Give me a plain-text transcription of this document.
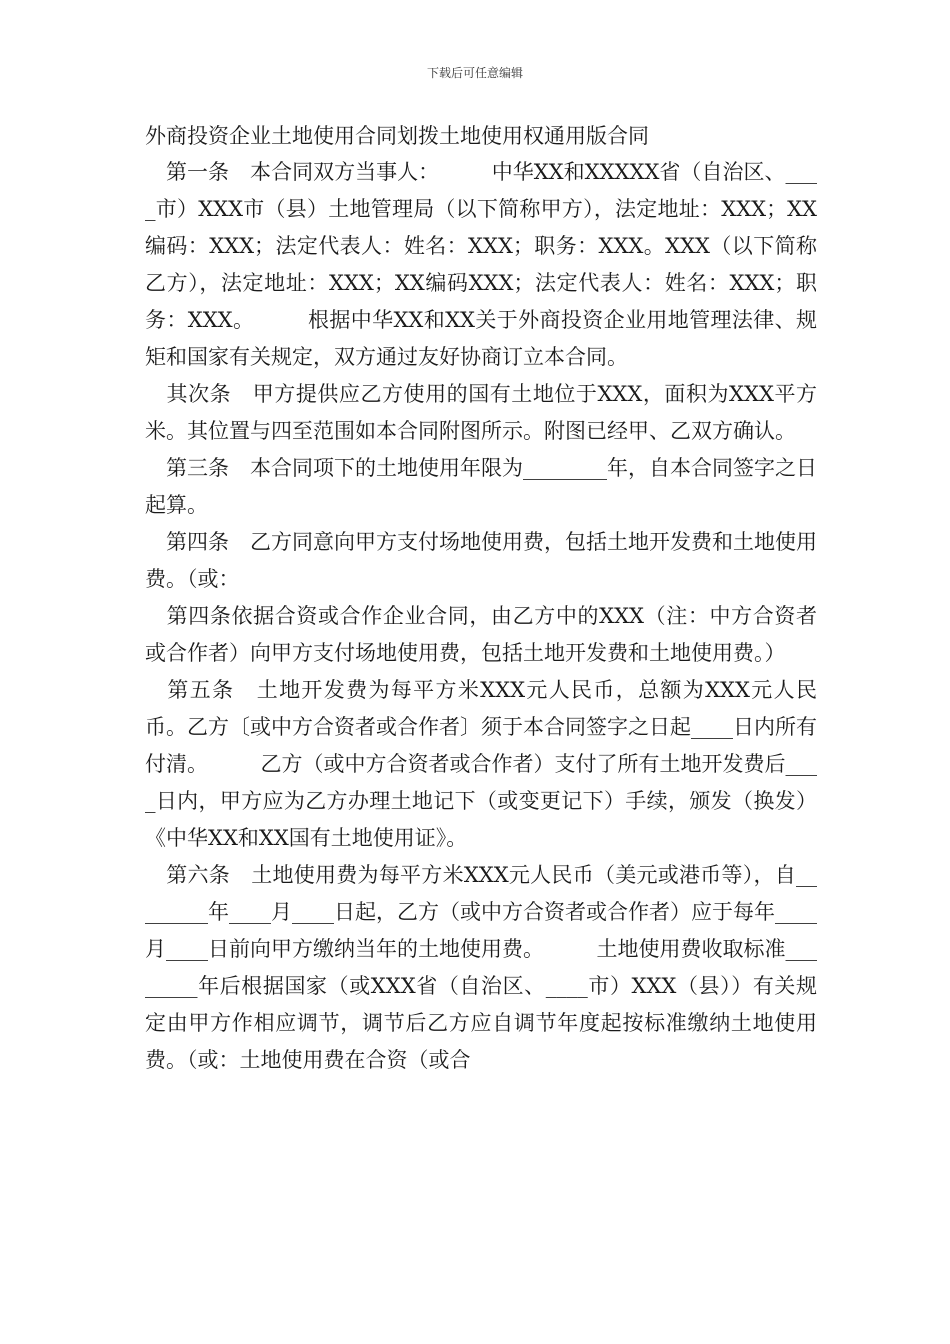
下载后可任意编辑
外商投资企业土地使用合同划拨土地使用权通用版合同

　第一条　本合同双方当事人：　　　中华XX和XXXXX省（自治区、____市）XXX市（县）土地管理局（以下简称甲方），法定地址：XXX；XX编码：XXX；法定代表人：姓名：XXX；职务：XXX。XXX（以下简称乙方），法定地址：XXX；XX编码XXX；法定代表人：姓名：XXX；职务：XXX。　　　根据中华XX和XX关于外商投资企业用地管理法律、规矩和国家有关规定，双方通过友好协商订立本合同。

　其次条　甲方提供应乙方使用的国有土地位于XXX，面积为XXX平方米。其位置与四至范围如本合同附图所示。附图已经甲、乙双方确认。

　第三条　本合同项下的土地使用年限为________年，自本合同签字之日起算。

　第四条　乙方同意向甲方支付场地使用费，包括土地开发费和土地使用费。（或：

　第四条依据合资或合作企业合同，由乙方中的XXX（注：中方合资者或合作者）向甲方支付场地使用费，包括土地开发费和土地使用费。）

　第五条　土地开发费为每平方米XXX元人民币，总额为XXX元人民币。乙方〔或中方合资者或合作者〕须于本合同签字之日起____日内所有付清。　　　乙方（或中方合资者或合作者）支付了所有土地开发费后____日内，甲方应为乙方办理土地记下（或变更记下）手续，颁发（换发）《中华XX和XX国有土地使用证》。

　第六条　土地使用费为每平方米XXX元人民币（美元或港币等），自________年____月____日起，乙方（或中方合资者或合作者）应于每年____月____日前向甲方缴纳当年的土地使用费。　　　土地使用费收取标准________年后根据国家（或XXX省（自治区、____市）XXX（县））有关规定由甲方作相应调节，调节后乙方应自调节年度起按标准缴纳土地使用费。（或：土地使用费在合资（或合
